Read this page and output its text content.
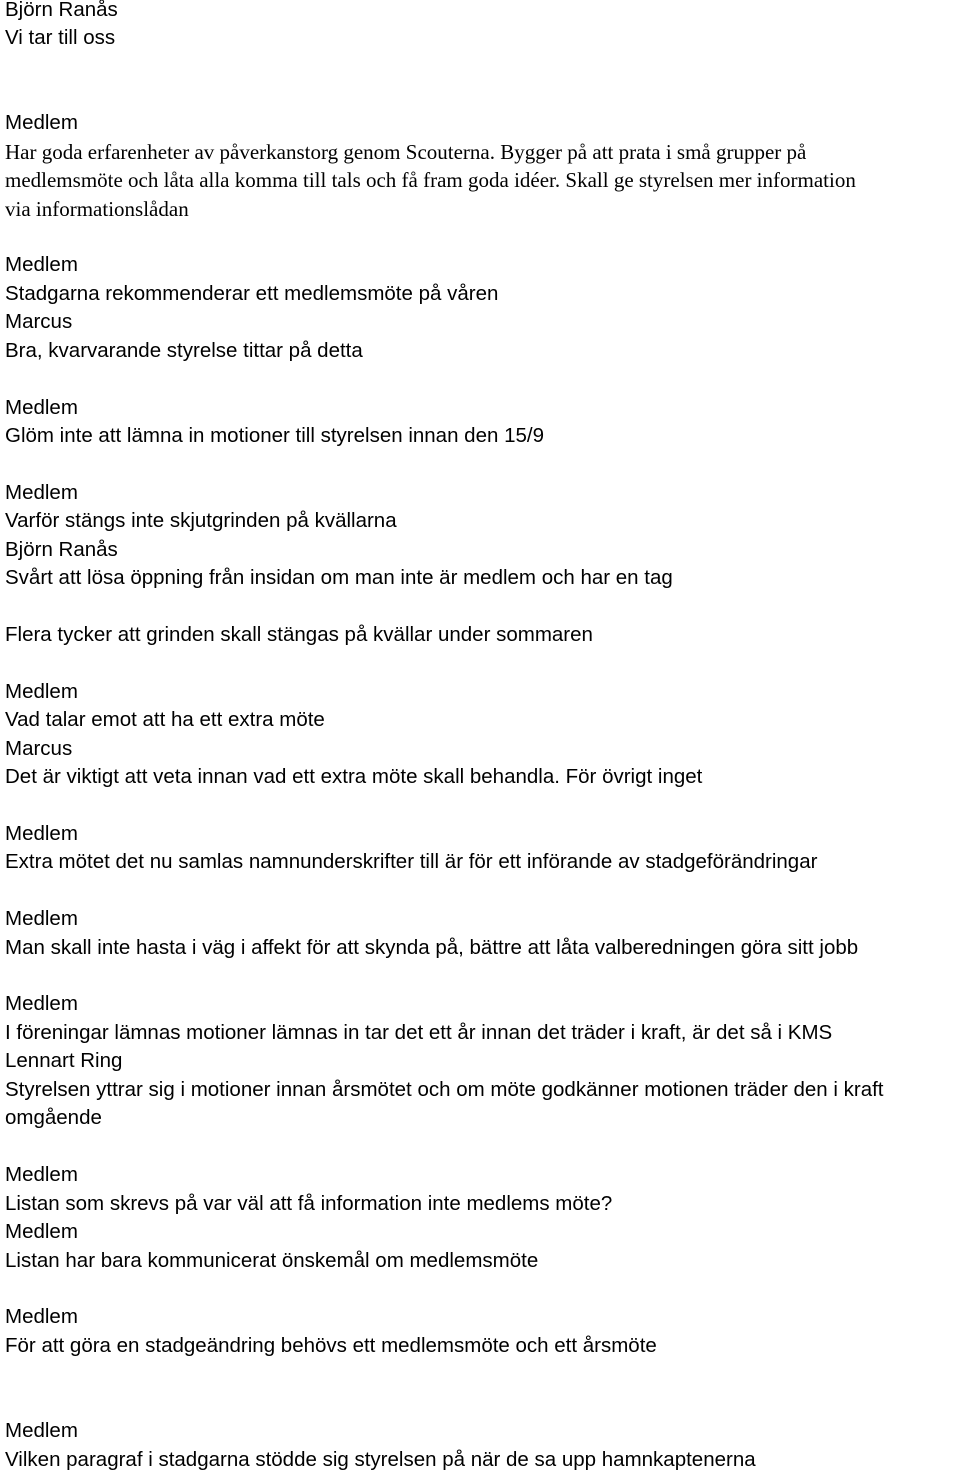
Björn Ranås

Vi tar till oss

Medlem

Har goda erfarenheter av påverkanstorg genom Scouterna. Bygger på att prata i små grupper på

medlemsmöte och låta alla komma till tals och få fram goda idéer. Skall ge styrelsen mer information

via informationslådan

Medlem

Stadgarna rekommenderar ett medlemsmöte på våren

Marcus

Bra, kvarvarande styrelse tittar på detta

Medlem

Glöm inte att lämna in motioner till styrelsen innan den 15/9

Medlem

Varför stängs inte skjutgrinden på kvällarna

Björn Ranås

Svårt att lösa öppning från insidan om man inte är medlem och har en tag

Flera tycker att grinden skall stängas på kvällar under sommaren

Medlem

Vad talar emot att ha ett extra möte

Marcus

Det är viktigt att veta innan vad ett extra möte skall behandla. För övrigt inget

Medlem

Extra mötet det nu samlas namnunderskrifter till är för ett införande av stadgeförändringar

Medlem

Man skall inte hasta i väg i affekt för att skynda på, bättre att låta valberedningen göra sitt jobb

Medlem

I föreningar lämnas motioner lämnas in tar det ett år innan det träder i kraft, är det så i KMS

Lennart Ring

Styrelsen yttrar sig i motioner innan årsmötet och om möte godkänner motionen träder den i kraft

omgående

Medlem

Listan som skrevs på var väl att få information inte medlems möte?

Medlem

Listan har bara kommunicerat önskemål om medlemsmöte

Medlem

För att göra en stadgeändring behövs ett medlemsmöte och ett årsmöte

Medlem

Vilken paragraf i stadgarna stödde sig styrelsen på när de sa upp hamnkaptenerna
